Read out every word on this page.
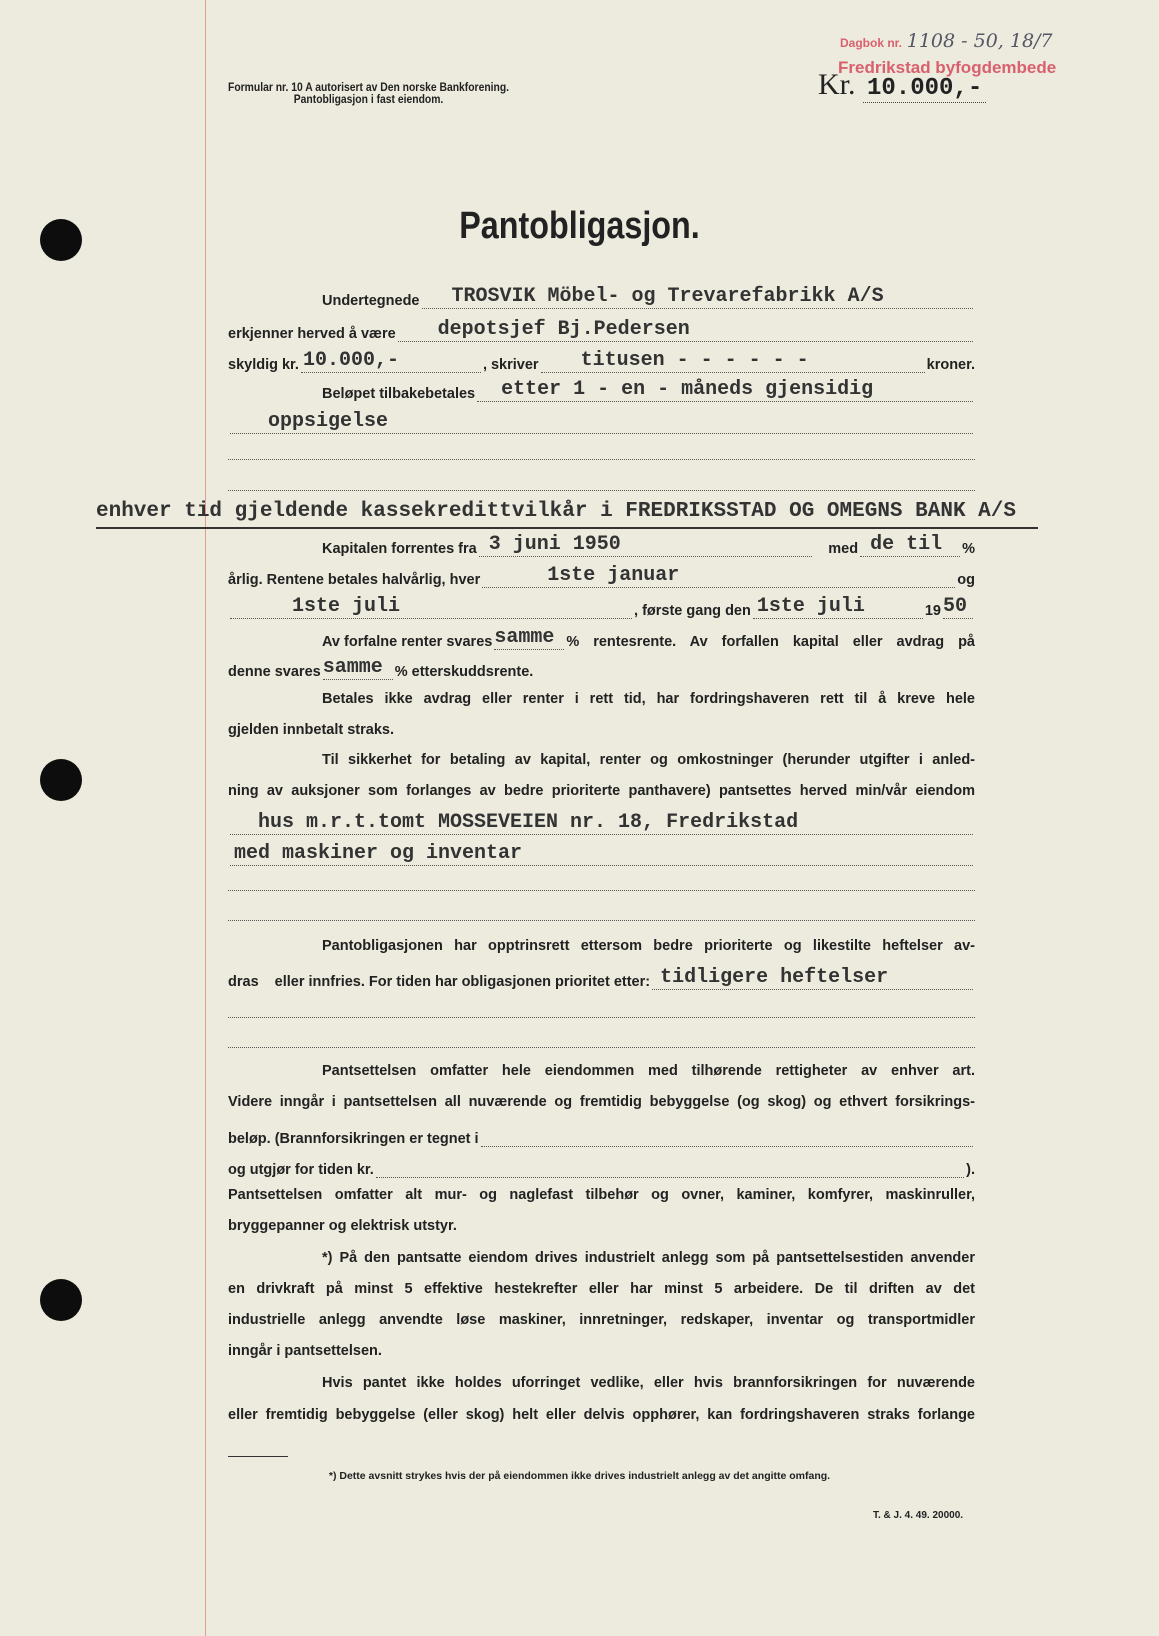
Formular nr. 10 A autorisert av Den norske Bankforening.
Pantobligasjon i fast eiendom.
Dagbok nr. 1108 - 50, 18/7
Fredrikstad byfogdembede
Kr. 10.000,-
Pantobligasjon.
Undertegnede TROSVIK Möbel- og Trevarefabrikk A/S
erkjenner herved å være depotsjef Bj.Pedersen
skyldig kr. 10.000,-	, skriver titusen - - - - - -	kroner.
Beløpet tilbakebetales etter 1 - en - måneds gjensidig
oppsigelse
enhver tid gjeldende kassekredittvilkår i FREDRIKSSTAD OG OMEGNS BANK A/S
Kapitalen forrentes fra 3 juni 1950	med de til %
årlig. Rentene betales halvårlig, hver	1ste januar	og
1ste juli	, første gang den 1ste juli	19 50
Av forfalne renter svares samme % rentesrente. Av forfallen kapital eller avdrag på
denne svares samme % etterskuddsrente.
Betales ikke avdrag eller renter i rett tid, har fordringshaveren rett til å kreve hele
gjelden innbetalt straks.
Til sikkerhet for betaling av kapital, renter og omkostninger (herunder utgifter i anled-
ning av auksjoner som forlanges av bedre prioriterte panthavere) pantsettes herved min/vår eiendom
hus m.r.t.tomt MOSSEVEIEN nr. 18, Fredrikstad
med maskiner og inventar
Pantobligasjonen har opptrinsrett ettersom bedre prioriterte og likestilte heftelser av-
dras eller innfries. For tiden har obligasjonen prioritet etter: tidligere heftelser
Pantsettelsen omfatter hele eiendommen med tilhørende rettigheter av enhver art.
Videre inngår i pantsettelsen all nuværende og fremtidig bebyggelse (og skog) og ethvert forsikrings-
beløp. (Brannforsikringen er tegnet i
og utgjør for tiden kr.	).
Pantsettelsen omfatter alt mur- og naglefast tilbehør og ovner, kaminer, komfyrer, maskinruller,
bryggepanner og elektrisk utstyr.
*) På den pantsatte eiendom drives industrielt anlegg som på pantsettelsestiden anvender
en drivkraft på minst 5 effektive hestekrefter eller har minst 5 arbeidere. De til driften av det
industrielle anlegg anvendte løse maskiner, innretninger, redskaper, inventar og transportmidler
inngår i pantsettelsen.
Hvis pantet ikke holdes uforringet vedlike, eller hvis brannforsikringen for nuværende
eller fremtidig bebyggelse (eller skog) helt eller delvis opphører, kan fordringshaveren straks forlange
*) Dette avsnitt strykes hvis der på eiendommen ikke drives industrielt anlegg av det angitte omfang.
T. & J. 4. 49. 20000.
